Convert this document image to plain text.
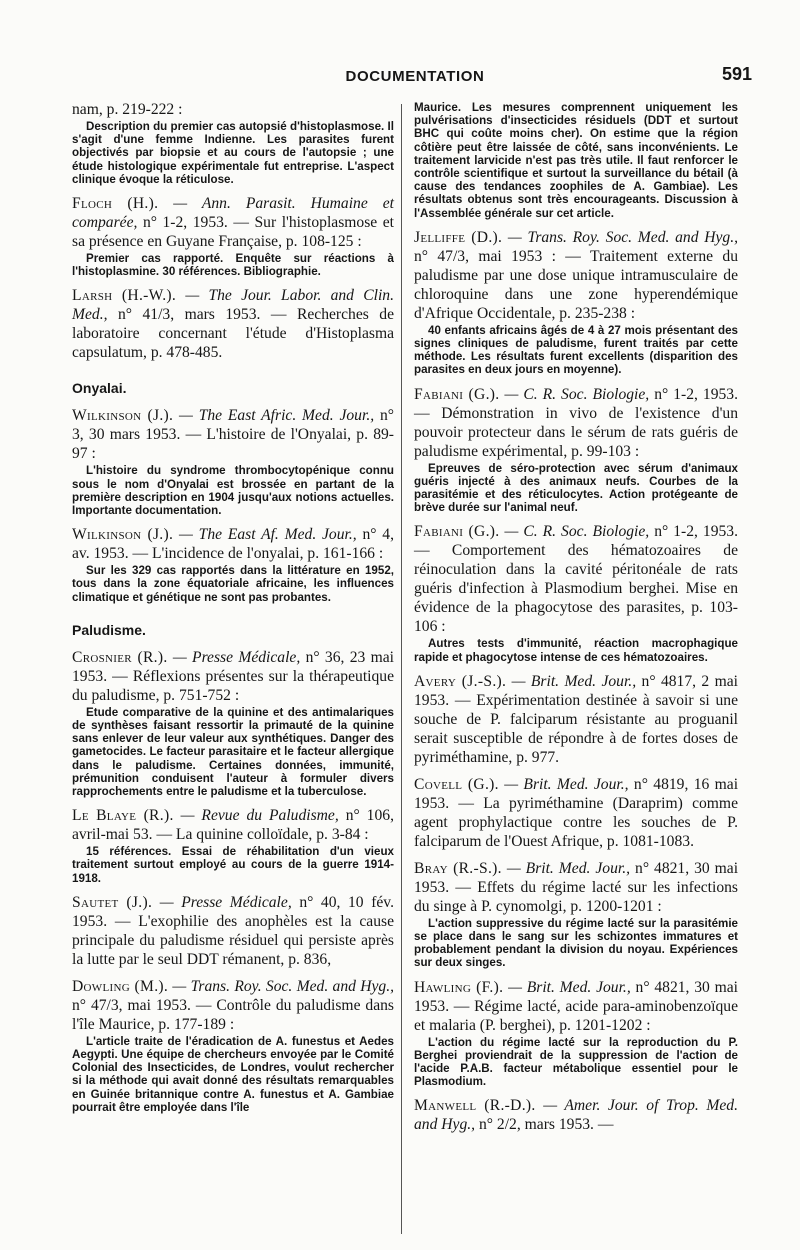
DOCUMENTATION	591
nam, p. 219-222 :
Description du premier cas autopsié d'histoplasmose. Il s'agit d'une femme Indienne. Les parasites furent objectivés par biopsie et au cours de l'autopsie ; une étude histologique expérimentale fut entreprise. L'aspect clinique évoque la réticulose.
Floch (H.). — Ann. Parasit. Humaine et comparée, n° 1-2, 1953. — Sur l'histoplasmose et sa présence en Guyane Française, p. 108-125 :
Premier cas rapporté. Enquête sur réactions à l'histoplasmine. 30 références. Bibliographie.
Larsh (H.-W.). — The Jour. Labor. and Clin. Med., n° 41/3, mars 1953. — Recherches de laboratoire concernant l'étude d'Histoplasma capsulatum, p. 478-485.
Onyalai.
Wilkinson (J.). — The East Afric. Med. Jour., n° 3, 30 mars 1953. — L'histoire de l'Onyalai, p. 89-97 :
L'histoire du syndrome thrombocytopénique connu sous le nom d'Onyalai est brossée en partant de la première description en 1904 jusqu'aux notions actuelles. Importante documentation.
Wilkinson (J.). — The East Af. Med. Jour., n° 4, av. 1953. — L'incidence de l'onyalai, p. 161-166 :
Sur les 329 cas rapportés dans la littérature en 1952, tous dans la zone équatoriale africaine, les influences climatique et génétique ne sont pas probantes.
Paludisme.
Crosnier (R.). — Presse Médicale, n° 36, 23 mai 1953. — Réflexions présentes sur la thérapeutique du paludisme, p. 751-752 :
Etude comparative de la quinine et des antimalariques de synthèses faisant ressortir la primauté de la quinine sans enlever de leur valeur aux synthétiques. Danger des gametocides. Le facteur parasitaire et le facteur allergique dans le paludisme. Certaines données, immunité, prémunition conduisent l'auteur à formuler divers rapprochements entre le paludisme et la tuberculose.
Le Blaye (R.). — Revue du Paludisme, n° 106, avril-mai 53. — La quinine colloïdale, p. 3-84 :
15 références. Essai de réhabilitation d'un vieux traitement surtout employé au cours de la guerre 1914-1918.
Sautet (J.). — Presse Médicale, n° 40, 10 fév. 1953. — L'exophilie des anophèles est la cause principale du paludisme résiduel qui persiste après la lutte par le seul DDT rémanent, p. 836,
Dowling (M.). — Trans. Roy. Soc. Med. and Hyg., n° 47/3, mai 1953. — Contrôle du paludisme dans l'île Maurice, p. 177-189 :
L'article traite de l'éradication de A. funestus et Aedes Aegypti. Une équipe de chercheurs envoyée par le Comité Colonial des Insecticides, de Londres, voulut rechercher si la méthode qui avait donné des résultats remarquables en Guinée britannique contre A. funestus et A. Gambiae pourrait être employée dans l'île
Maurice. Les mesures comprennent uniquement les pulvérisations d'insecticides résiduels (DDT et surtout BHC qui coûte moins cher). On estime que la région côtière peut être laissée de côté, sans inconvénients. Le traitement larvicide n'est pas très utile. Il faut renforcer le contrôle scientifique et surtout la surveillance du bétail (à cause des tendances zoophiles de A. Gambiae). Les résultats obtenus sont très encourageants. Discussion à l'Assemblée générale sur cet article.
Jelliffe (D.). — Trans. Roy. Soc. Med. and Hyg., n° 47/3, mai 1953 : — Traitement externe du paludisme par une dose unique intramusculaire de chloroquine dans une zone hyperendémique d'Afrique Occidentale, p. 235-238 :
40 enfants africains âgés de 4 à 27 mois présentant des signes cliniques de paludisme, furent traités par cette méthode. Les résultats furent excellents (disparition des parasites en deux jours en moyenne).
Fabiani (G.). — C. R. Soc. Biologie, n° 1-2, 1953. — Démonstration in vivo de l'existence d'un pouvoir protecteur dans le sérum de rats guéris de paludisme expérimental, p. 99-103 :
Epreuves de séro-protection avec sérum d'animaux guéris injecté à des animaux neufs. Courbes de la parasitémie et des réticulocytes. Action protégeante de brève durée sur l'animal neuf.
Fabiani (G.). — C. R. Soc. Biologie, n° 1-2, 1953. — Comportement des hématozoaires de réinoculation dans la cavité péritonéale de rats guéris d'infection à Plasmodium berghei. Mise en évidence de la phagocytose des parasites, p. 103-106 :
Autres tests d'immunité, réaction macrophagique rapide et phagocytose intense de ces hématozoaires.
Avery (J.-S.). — Brit. Med. Jour., n° 4817, 2 mai 1953. — Expérimentation destinée à savoir si une souche de P. falciparum résistante au proguanil serait susceptible de répondre à de fortes doses de pyriméthamine, p. 977.
Covell (G.). — Brit. Med. Jour., n° 4819, 16 mai 1953. — La pyriméthamine (Daraprim) comme agent prophylactique contre les souches de P. falciparum de l'Ouest Afrique, p. 1081-1083.
Bray (R.-S.). — Brit. Med. Jour., n° 4821, 30 mai 1953. — Effets du régime lacté sur les infections du singe à P. cynomolgi, p. 1200-1201 :
L'action suppressive du régime lacté sur la parasitémie se place dans le sang sur les schizontes immatures et probablement pendant la division du noyau. Expériences sur deux singes.
Hawling (F.). — Brit. Med. Jour., n° 4821, 30 mai 1953. — Régime lacté, acide para-aminobenzoïque et malaria (P. berghei), p. 1201-1202 :
L'action du régime lacté sur la reproduction du P. Berghei proviendrait de la suppression de l'action de l'acide P.A.B. facteur métabolique essentiel pour le Plasmodium.
Manwell (R.-D.). — Amer. Jour. of Trop. Med. and Hyg., n° 2/2, mars 1953. —
